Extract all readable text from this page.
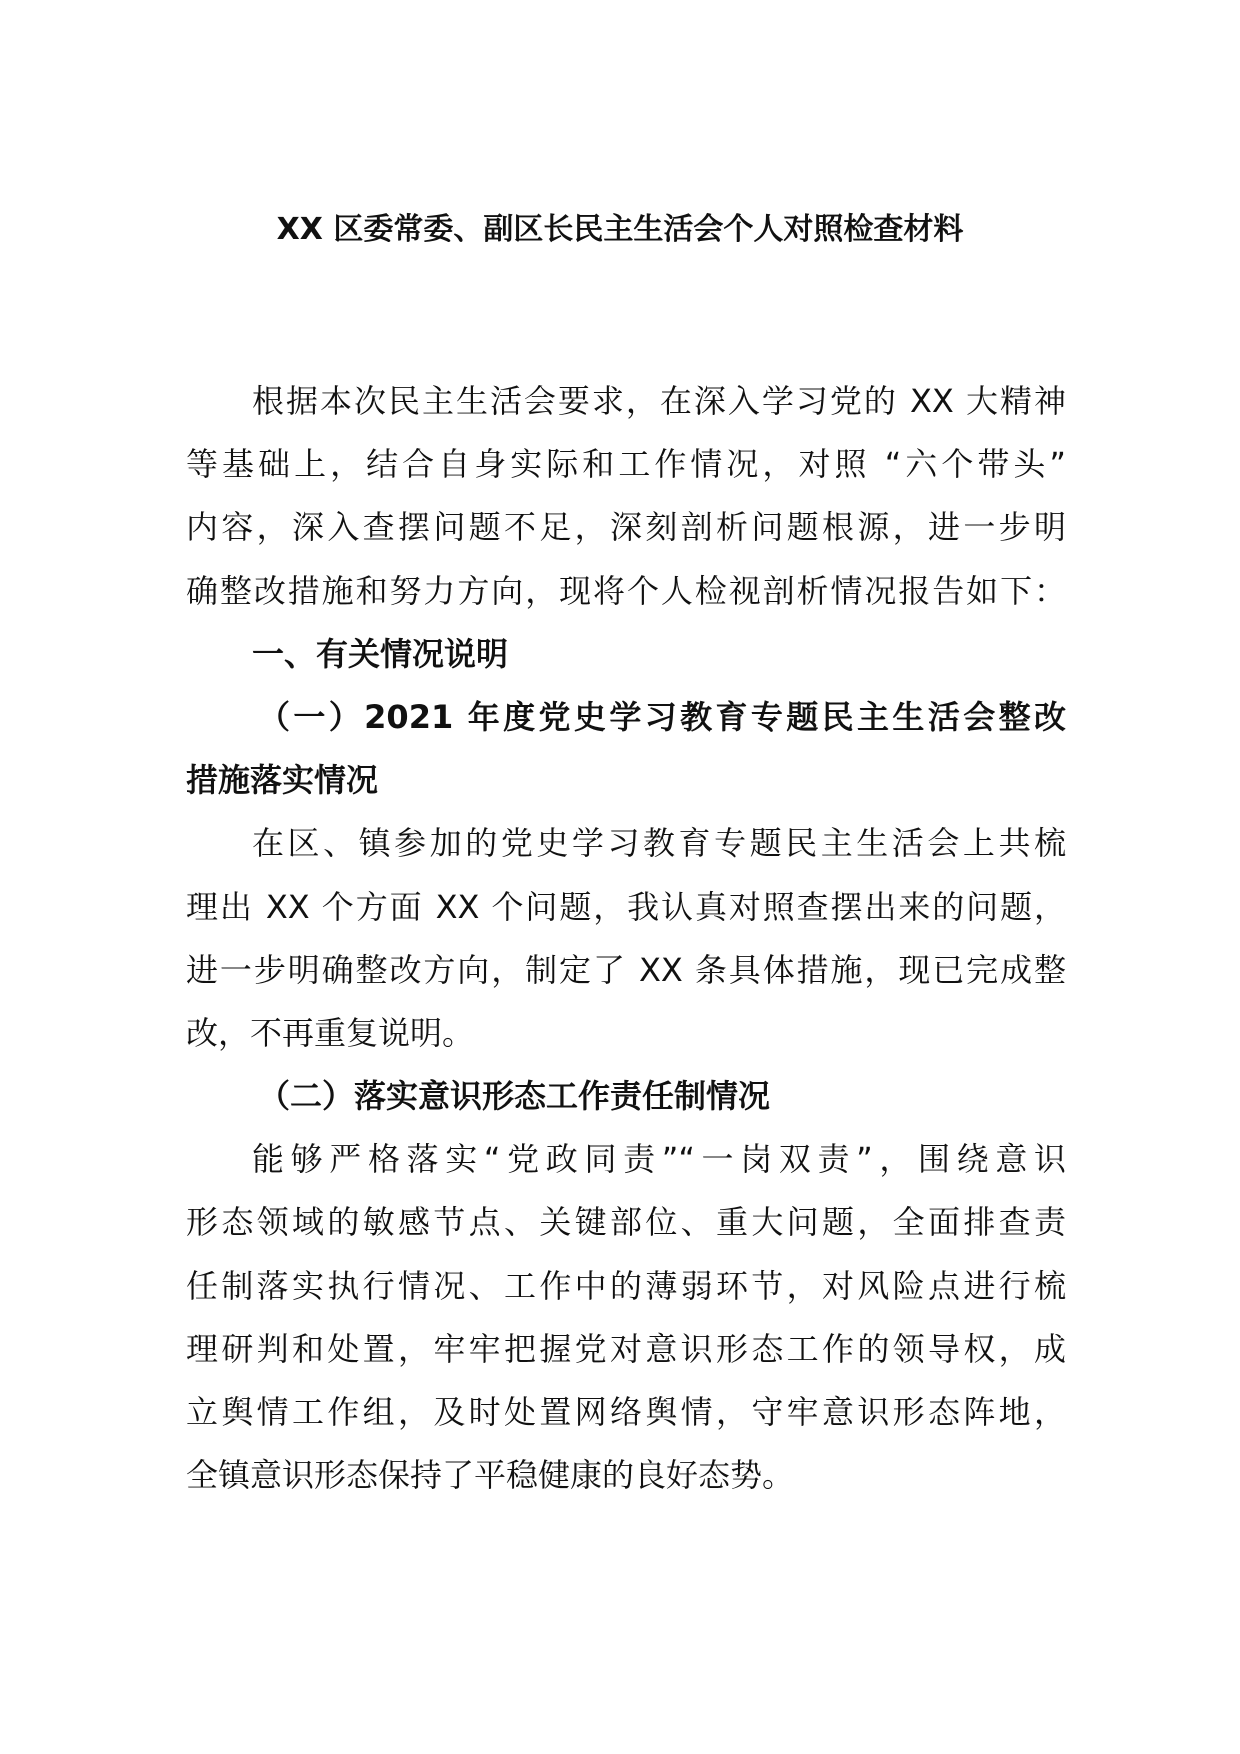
XX 区委常委、副区长民主生活会个人对照检查材料
根据本次民主生活会要求，在深入学习党的 XX 大精神
等基础上，结合自身实际和工作情况，对照 “六个带头”
内容，深入查摆问题不足，深刻剖析问题根源，进一步明
确整改措施和努力方向，现将个人检视剖析情况报告如下：
一、有关情况说明
（一）2021 年度党史学习教育专题民主生活会整改
措施落实情况
在区、镇参加的党史学习教育专题民主生活会上共梳
理出 XX 个方面 XX 个问题，我认真对照查摆出来的问题，
进一步明确整改方向，制定了 XX 条具体措施，现已完成整
改，不再重复说明。
（二）落实意识形态工作责任制情况
能够严格落实“党政同责”“一岗双责”，围绕意识
形态领域的敏感节点、关键部位、重大问题，全面排查责
任制落实执行情况、工作中的薄弱环节，对风险点进行梳
理研判和处置，牢牢把握党对意识形态工作的领导权，成
立舆情工作组，及时处置网络舆情，守牢意识形态阵地，
全镇意识形态保持了平稳健康的良好态势。
